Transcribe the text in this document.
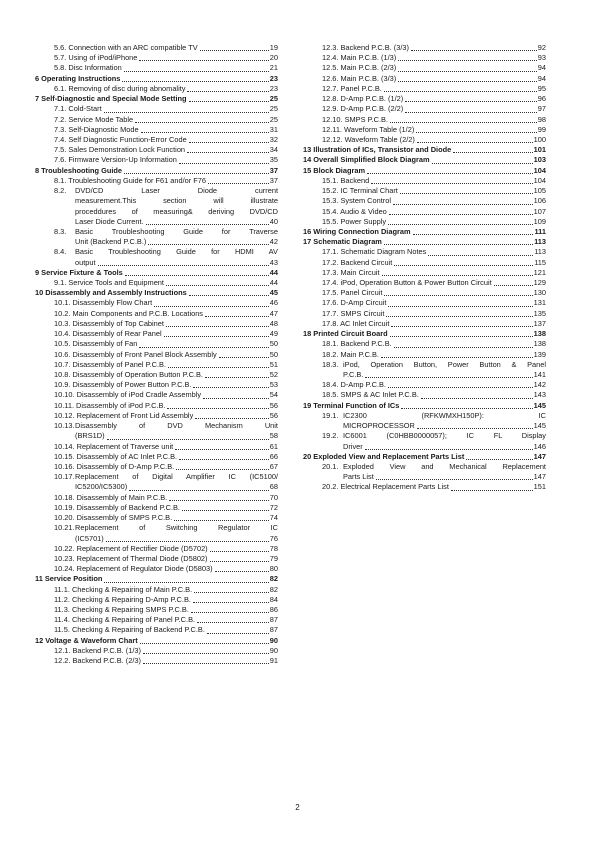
5.6. Connection with an ARC compatible TV	19
5.7. Using of iPod/iPhone	20
5.8. Disc Information	21
6 Operating Instructions	23
6.1. Removing of disc during abnomality	23
7 Self-Diagnostic and Special Mode Setting	25
7.1. Cold-Start	25
7.2. Service Mode Table	25
7.3. Self-Diagnostic Mode	31
7.4. Self Diagnostic Function-Error Code	32
7.5. Sales Demonstration Lock Function	34
7.6. Firmware Version-Up Information	35
8 Troubleshooting Guide	37
8.1. Troubleshooting Guide for F61 and/or F76	37
8.2.	DVD/CD Laser Diode current
measurement.This section will illustrate
proceddures of measuring& deriving DVD/CD
Laser Diode Current.	40
8.3.	Basic Troubleshooting Guide for Traverse
Unit (Backend P.C.B.)	42
8.4.	Basic Troubleshooting Guide for HDMI AV
output	43
9 Service Fixture & Tools	44
9.1. Service Tools and Equipment	44
10 Disassembly and Assembly Instructions	45
10.1. Disassembly Flow Chart	46
10.2. Main Components and P.C.B. Locations	47
10.3. Disassembly of Top Cabinet	48
10.4. Disassembly of Rear Panel	49
10.5. Disassembly of Fan	50
10.6. Disassembly of Front Panel Block Assembly	50
10.7. Disassembly of Panel P.C.B.	51
10.8. Disassembly of Operation Button P.C.B.	52
10.9. Disassembly of Power Button P.C.B.	53
10.10. Disassembly of iPod Cradle Assembly	54
10.11. Disassembly of iPod P.C.B.	56
10.12. Replacement of Front Lid Assembly	56
10.13. Disassembly of DVD Mechanism Unit
(BRS1D)	58
10.14. Replacement of Traverse unit	61
10.15. Disassembly of AC Inlet P.C.B.	66
10.16. Disassembly of D-Amp P.C.B.	67
10.17. Replacement of Digital Amplifier IC (IC5100/
IC5200/IC5300)	68
10.18. Disassembly of Main P.C.B.	70
10.19. Disassembly of Backend P.C.B.	72
10.20. Disassembly of SMPS P.C.B.	74
10.21. Replacement of Switching Regulator IC
(IC5701)	76
10.22. Replacement of Rectifier Diode (D5702)	78
10.23. Replacement of Thermal Diode (D5802)	79
10.24. Replacement of Regulator Diode (D5803)	80
11 Service Position	82
11.1. Checking & Repairing of Main P.C.B.	82
11.2. Checking & Repairing D-Amp P.C.B.	84
11.3. Checking & Repairing SMPS P.C.B.	86
11.4. Checking & Repairing of Panel P.C.B.	87
11.5. Checking & Repairing of Backend P.C.B.	87
12 Voltage & Waveform Chart	90
12.1. Backend P.C.B. (1/3)	90
12.2. Backend P.C.B. (2/3)	91
12.3. Backend P.C.B. (3/3)	92
12.4. Main P.C.B. (1/3)	93
12.5. Main P.C.B. (2/3)	94
12.6. Main P.C.B. (3/3)	94
12.7. Panel P.C.B.	95
12.8. D-Amp P.C.B. (1/2)	96
12.9. D-Amp P.C.B. (2/2)	97
12.10. SMPS P.C.B.	98
12.11. Waveform Table (1/2)	99
12.12. Waveform Table (2/2)	100
13 Illustration of ICs, Transistor and Diode	101
14 Overall Simplified Block Diagram	103
15 Block Diagram	104
15.1. Backend	104
15.2. IC Terminal Chart	105
15.3. System Control	106
15.4. Audio & Video	107
15.5. Power Supply	109
16 Wiring Connection Diagram	111
17 Schematic Diagram	113
17.1. Schematic Diagram Notes	113
17.2. Backend Circuit	115
17.3. Main Circuit	121
17.4. iPod, Operation Button & Power Button Circuit	129
17.5. Panel Circuit	130
17.6. D-Amp Circuit	131
17.7. SMPS Circuit	135
17.8. AC Inlet Circuit	137
18 Printed Circuit Board	138
18.1. Backend P.C.B.	138
18.2. Main P.C.B.	139
18.3. iPod, Operation Button, Power Button & Panel
P.C.B.	141
18.4. D-Amp P.C.B.	142
18.5. SMPS & AC Inlet P.C.B.	143
19 Terminal Function of ICs	145
19.1. IC2300 (RFKWMXH150P): IC
MICROPROCESSOR	145
19.2. IC6001 (C0HBB0000057); IC FL Display
Driver	146
20 Exploded View and Replacement Parts List	147
20.1. Exploded View and Mechanical Replacement
Parts List	147
20.2. Electrical Replacement Parts List	151
2
